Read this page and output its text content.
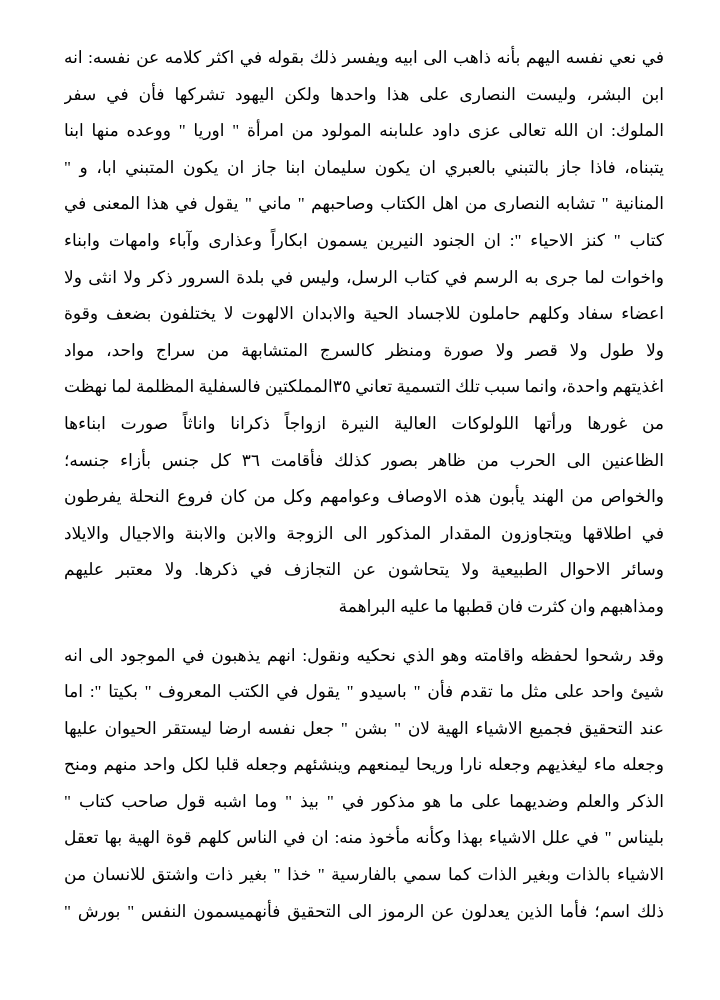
في نعي نفسه اليهم بأنه ذاهب الى ابيه ويفسر ذلك بقوله في اكثر كلامه عن نفسه: انه
ابن البشر، وليست النصارى على هذا واحدها ولكن اليهود تشركها فأن في سفر
الملوك: ان الله تعالى عزى داود علىابنه المولود من امرأة " اوريا " ووعده منها ابنا
يتبناه، فاذا جاز بالتبني بالعبري ان يكون سليمان ابنا جاز ان يكون المتبني ابا، و "
المنانية " تشابه النصارى من اهل الكتاب وصاحبهم " ماني " يقول في هذا المعنى في
كتاب " كنز الاحياء ": ان الجنود النيرين يسمون ابكاراً وعذارى وآباء وامهات وابناء
واخوات لما جرى به الرسم في كتاب الرسل، وليس في بلدة السرور ذكر ولا انثى ولا
اعضاء سفاد وكلهم حاملون للاجساد الحية والابدان الالهوت لا يختلفون بضعف وقوة
ولا طول ولا قصر ولا صورة ومنظر كالسرج المتشابهة من سراج واحد، مواد
اغذيتهم واحدة، وانما سبب تلك التسمية تعاني ٣٥المملكتين فالسفلية المظلمة لما نهظت
من غورها ورأتها اللولوكات العالية النيرة ازواجاً ذكرانا واناثاً صورت ابناءها
الظاعنين الى الحرب من ظاهر بصور كذلك فأقامت ٣٦ كل جنس بأزاء جنسه؛
والخواص من الهند يأبون هذه الاوصاف وعوامهم وكل من كان فروع النحلة يفرطون
في اطلاقها ويتجاوزون المقدار المذكور الى الزوجة والابن والابنة والاجيال والايلاد
وسائر الاحوال الطبيعية ولا يتحاشون عن التجازف في ذكرها. ولا معتبر عليهم
ومذاهبهم وان كثرت فان قطبها ما عليه البراهمة
وقد رشحوا لحفظه واقامته وهو الذي نحكيه ونقول: انهم يذهبون في الموجود الى انه
شيئ واحد على مثل ما تقدم فأن " باسيدو " يقول في الكتب المعروف " بكيتا ": اما
عند التحقيق فجميع الاشياء الهية لان " بشن " جعل نفسه ارضا ليستقر الحيوان عليها
وجعله ماء ليغذيهم وجعله نارا وريحا ليمنعهم وينشئهم وجعله قلبا لكل واحد منهم ومنح
الذكر والعلم وضديهما على ما هو مذكور في " بيذ " وما اشبه قول صاحب كتاب "
بلیناس " في علل الاشياء بهذا وكأنه مأخوذ منه: ان في الناس كلهم قوة الهية بها تعقل
الاشياء بالذات وبغير الذات كما سمي بالفارسية " خذا " بغير ذات واشتق للانسان من
ذلك اسم؛ فأما الذين يعدلون عن الرموز الى التحقيق فأنهميسمون النفس " بورش "
